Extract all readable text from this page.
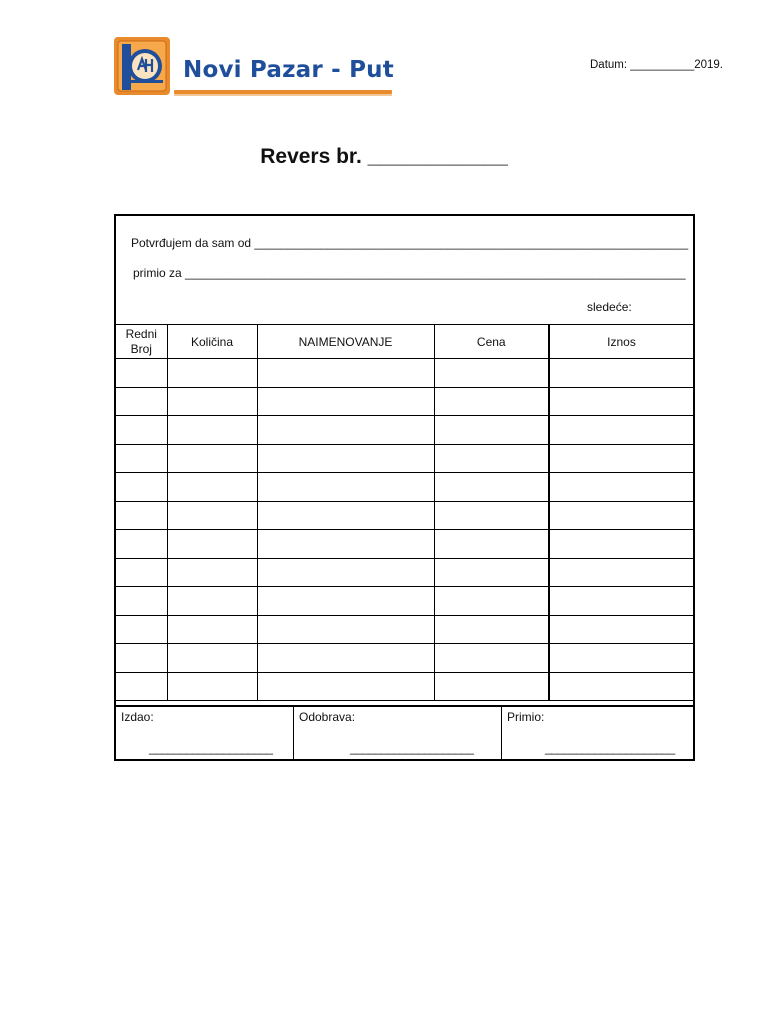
Novi Pazar - Put	Datum: __________2019.
Revers br. ____________
Potvrđujem da sam od _________________________________________________________________
primio za ___________________________________________________________________________
sledeće:
Redni
Broj	Količina	NAIMENOVANJE	Cena	Iznos

Izdao:
____________________
Odobrava:
____________________
Primio:
_____________________
